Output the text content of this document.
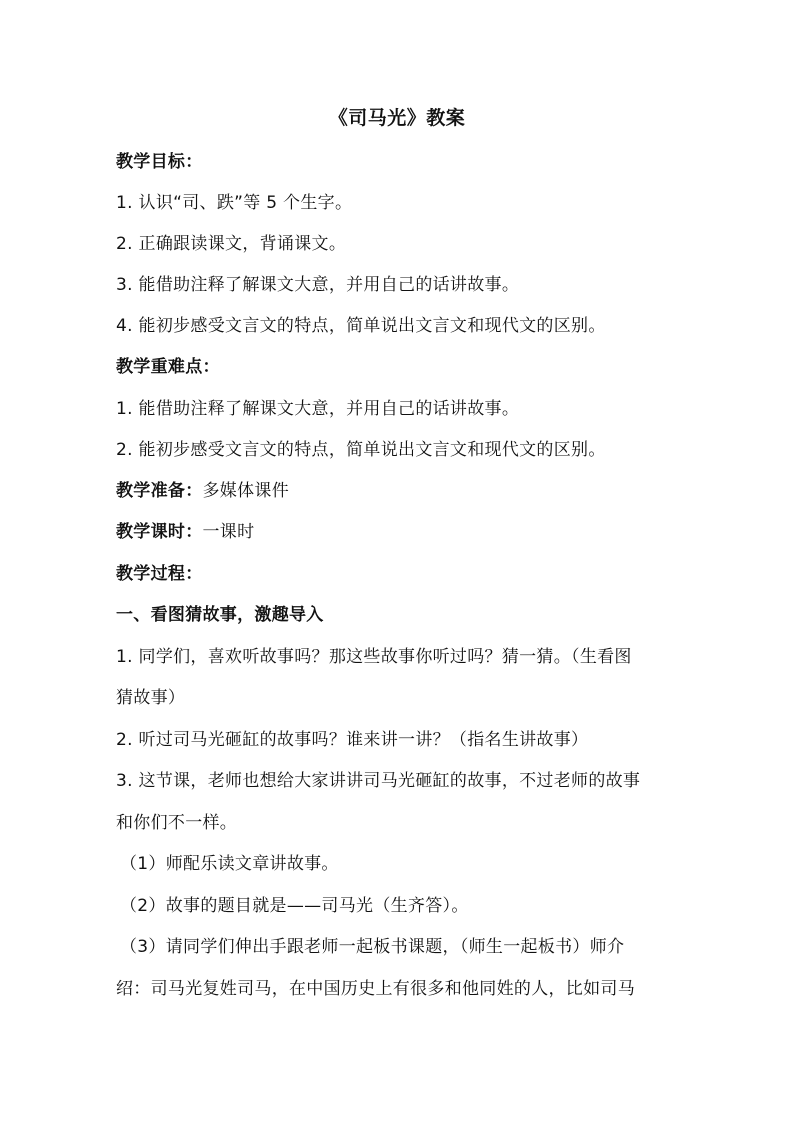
《司马光》教案
教学目标：
1. 认识“司、跌”等 5 个生字。
2. 正确跟读课文，背诵课文。
3. 能借助注释了解课文大意，并用自己的话讲故事。
4. 能初步感受文言文的特点，简单说出文言文和现代文的区别。
教学重难点：
1. 能借助注释了解课文大意，并用自己的话讲故事。
2. 能初步感受文言文的特点，简单说出文言文和现代文的区别。
教学准备：多媒体课件
教学课时：一课时
教学过程：
一、看图猜故事，激趣导入
1. 同学们，喜欢听故事吗？那这些故事你听过吗？猜一猜。（生看图
猜故事）
2. 听过司马光砸缸的故事吗？谁来讲一讲？（指名生讲故事）
3. 这节课，老师也想给大家讲讲司马光砸缸的故事，不过老师的故事
和你们不一样。
（1）师配乐读文章讲故事。
（2）故事的题目就是——司马光（生齐答）。
（3）请同学们伸出手跟老师一起板书课题，（师生一起板书）师介
绍：司马光复姓司马，在中国历史上有很多和他同姓的人，比如司马
